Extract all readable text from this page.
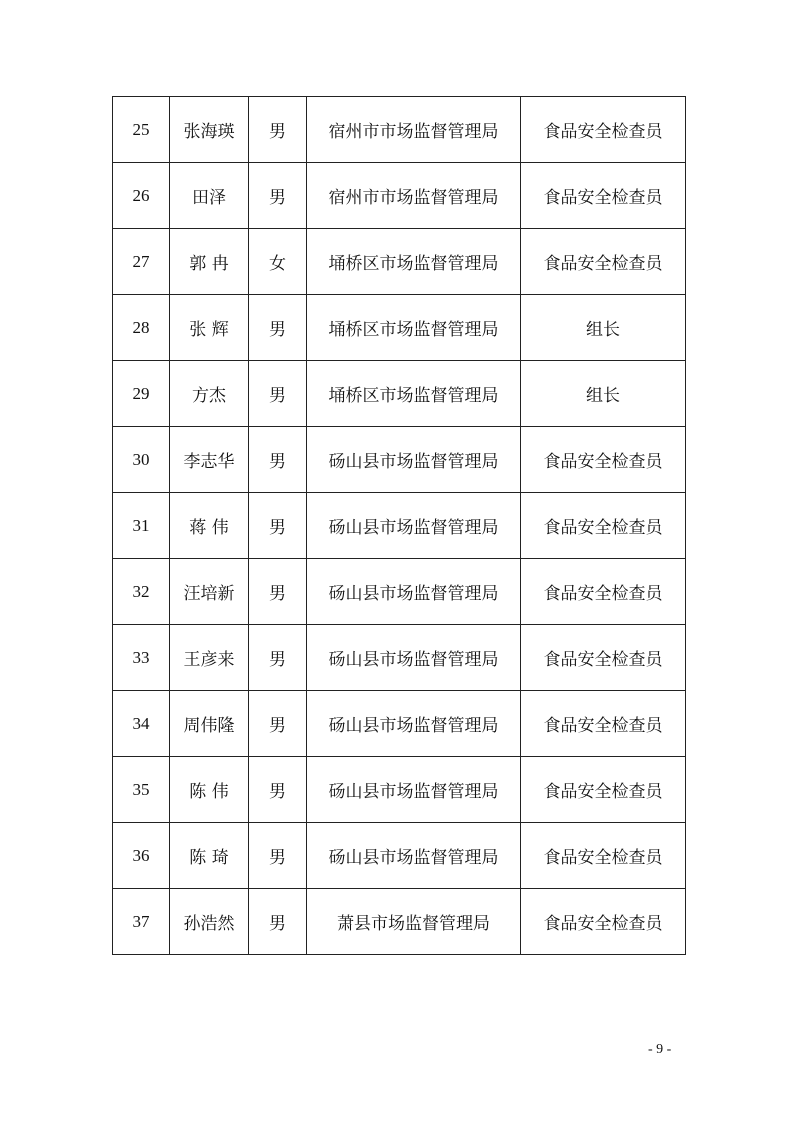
25	张海瑛	男	宿州市市场监督管理局	食品安全检查员
26	田泽	男	宿州市市场监督管理局	食品安全检查员
27	郭 冉	女	埇桥区市场监督管理局	食品安全检查员
28	张 辉	男	埇桥区市场监督管理局	组长
29	方杰	男	埇桥区市场监督管理局	组长
30	李志华	男	砀山县市场监督管理局	食品安全检查员
31	蒋 伟	男	砀山县市场监督管理局	食品安全检查员
32	汪培新	男	砀山县市场监督管理局	食品安全检查员
33	王彦来	男	砀山县市场监督管理局	食品安全检查员
34	周伟隆	男	砀山县市场监督管理局	食品安全检查员
35	陈 伟	男	砀山县市场监督管理局	食品安全检查员
36	陈 琦	男	砀山县市场监督管理局	食品安全检查员
37	孙浩然	男	萧县市场监督管理局	食品安全检查员
- 9 -
